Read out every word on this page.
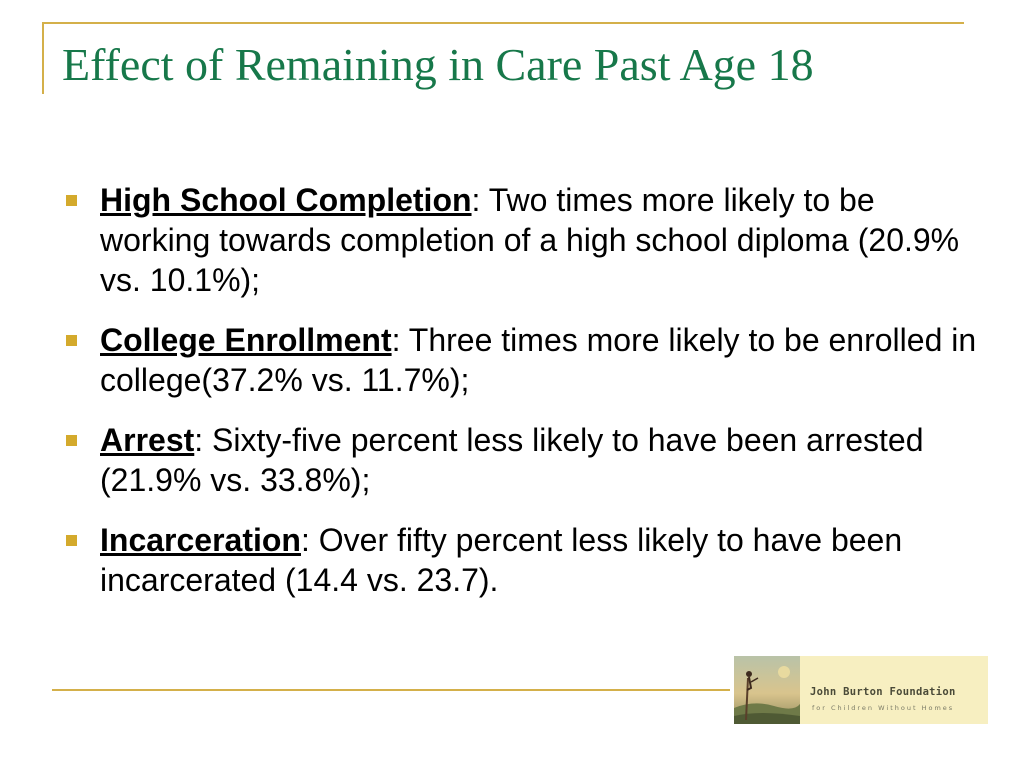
Effect of Remaining in Care Past Age 18
High School Completion: Two times more likely to be working towards completion of a high school diploma (20.9% vs. 10.1%);
College Enrollment: Three times more likely to be enrolled in college(37.2% vs. 11.7%);
Arrest: Sixty-five percent less likely to have been arrested (21.9% vs. 33.8%);
Incarceration: Over fifty percent less likely to have been incarcerated (14.4 vs. 23.7).
John Burton Foundation
for Children Without Homes
